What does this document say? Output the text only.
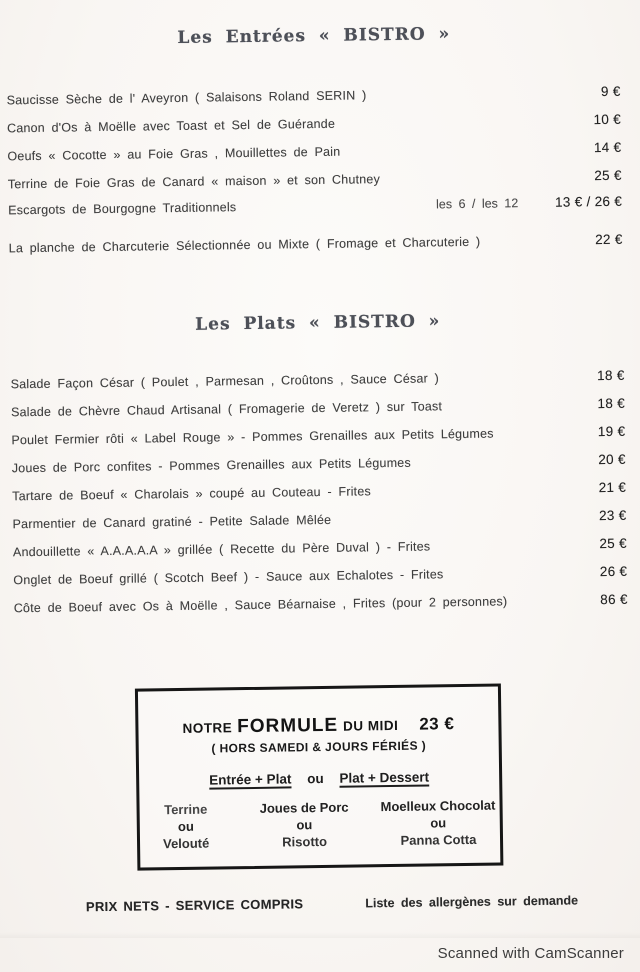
Les Entrées « BISTRO »
Saucisse Sèche de l' Aveyron ( Salaisons Roland SERIN )	9 €
Canon d'Os à Moëlle avec Toast et Sel de Guérande	10 €
Oeufs « Cocotte » au Foie Gras , Mouillettes de Pain	14 €
Terrine de Foie Gras de Canard « maison » et son Chutney	25 €
Escargots de Bourgogne Traditionnels	les 6 / les 12	13 € / 26 €
La planche de Charcuterie Sélectionnée ou Mixte ( Fromage et Charcuterie )	22 €
Les Plats « BISTRO »
Salade Façon César ( Poulet , Parmesan , Croûtons , Sauce César )	18 €
Salade de Chèvre Chaud Artisanal ( Fromagerie de Veretz ) sur Toast	18 €
Poulet Fermier rôti « Label Rouge » - Pommes Grenailles aux Petits Légumes	19 €
Joues de Porc confites - Pommes Grenailles aux Petits Légumes	20 €
Tartare de Boeuf « Charolais » coupé au Couteau - Frites	21 €
Parmentier de Canard gratiné - Petite Salade Mêlée	23 €
Andouillette « A.A.A.A.A » grillée ( Recette du Père Duval ) - Frites	25 €
Onglet de Boeuf grillé ( Scotch Beef ) - Sauce aux Echalotes - Frites	26 €
Côte de Boeuf avec Os à Moëlle , Sauce Béarnaise , Frites (pour 2 personnes)	86 €
NOTRE FORMULE DU MIDI 23 €
( HORS SAMEDI & JOURS FÉRIÉS )
Entrée + Plat ou Plat + Dessert
Terrine
ou
Velouté
Joues de Porc
ou
Risotto
Moelleux Chocolat
ou
Panna Cotta
PRIX NETS - SERVICE COMPRIS	Liste des allergènes sur demande
Scanned with CamScanner
